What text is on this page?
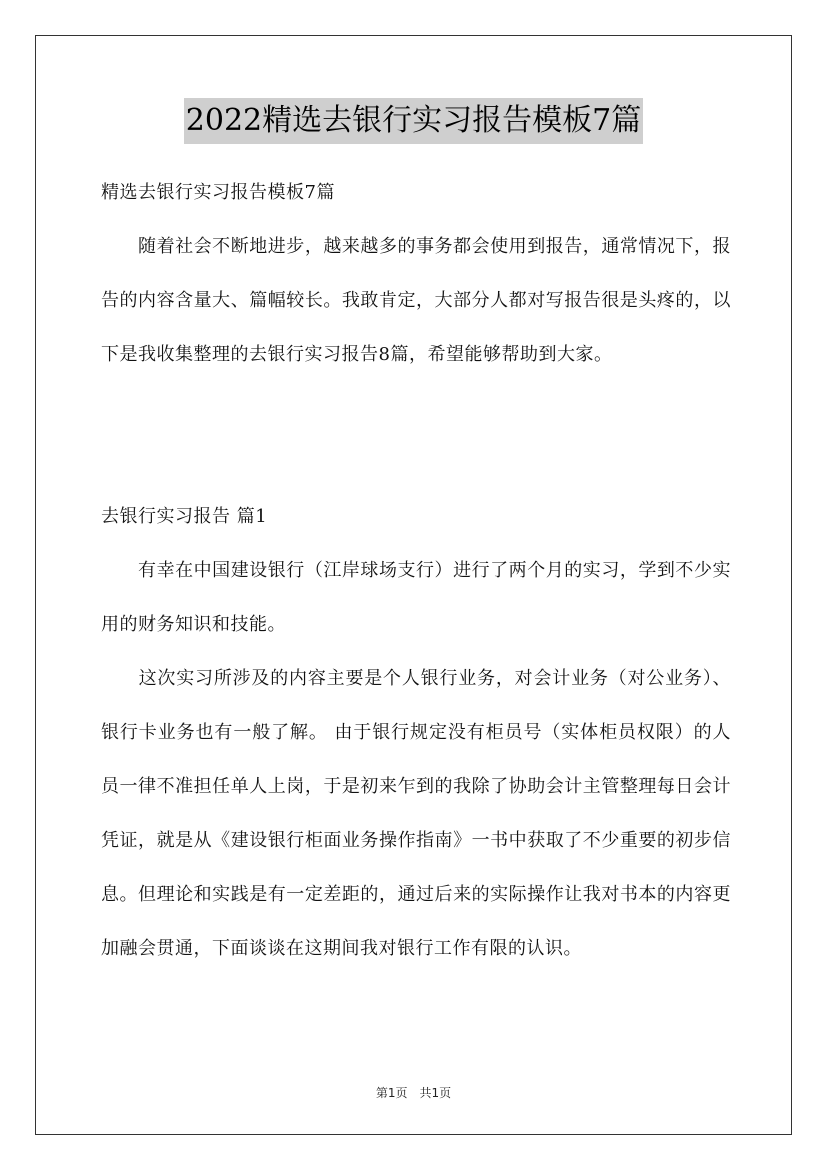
2022精选去银行实习报告模板7篇

精选去银行实习报告模板7篇

　　随着社会不断地进步，越来越多的事务都会使用到报告，通常情况下，报告的内容含量大、篇幅较长。我敢肯定，大部分人都对写报告很是头疼的，以下是我收集整理的去银行实习报告8篇，希望能够帮助到大家。

去银行实习报告 篇1

　　有幸在中国建设银行（江岸球场支行）进行了两个月的实习，学到不少实用的财务知识和技能。

　　这次实习所涉及的内容主要是个人银行业务，对会计业务（对公业务）、银行卡业务也有一般了解。 由于银行规定没有柜员号（实体柜员权限）的人员一律不准担任单人上岗，于是初来乍到的我除了协助会计主管整理每日会计凭证，就是从《建设银行柜面业务操作指南》一书中获取了不少重要的初步信息。但理论和实践是有一定差距的，通过后来的实际操作让我对书本的内容更加融会贯通，下面谈谈在这期间我对银行工作有限的认识。

第1页　共1页
